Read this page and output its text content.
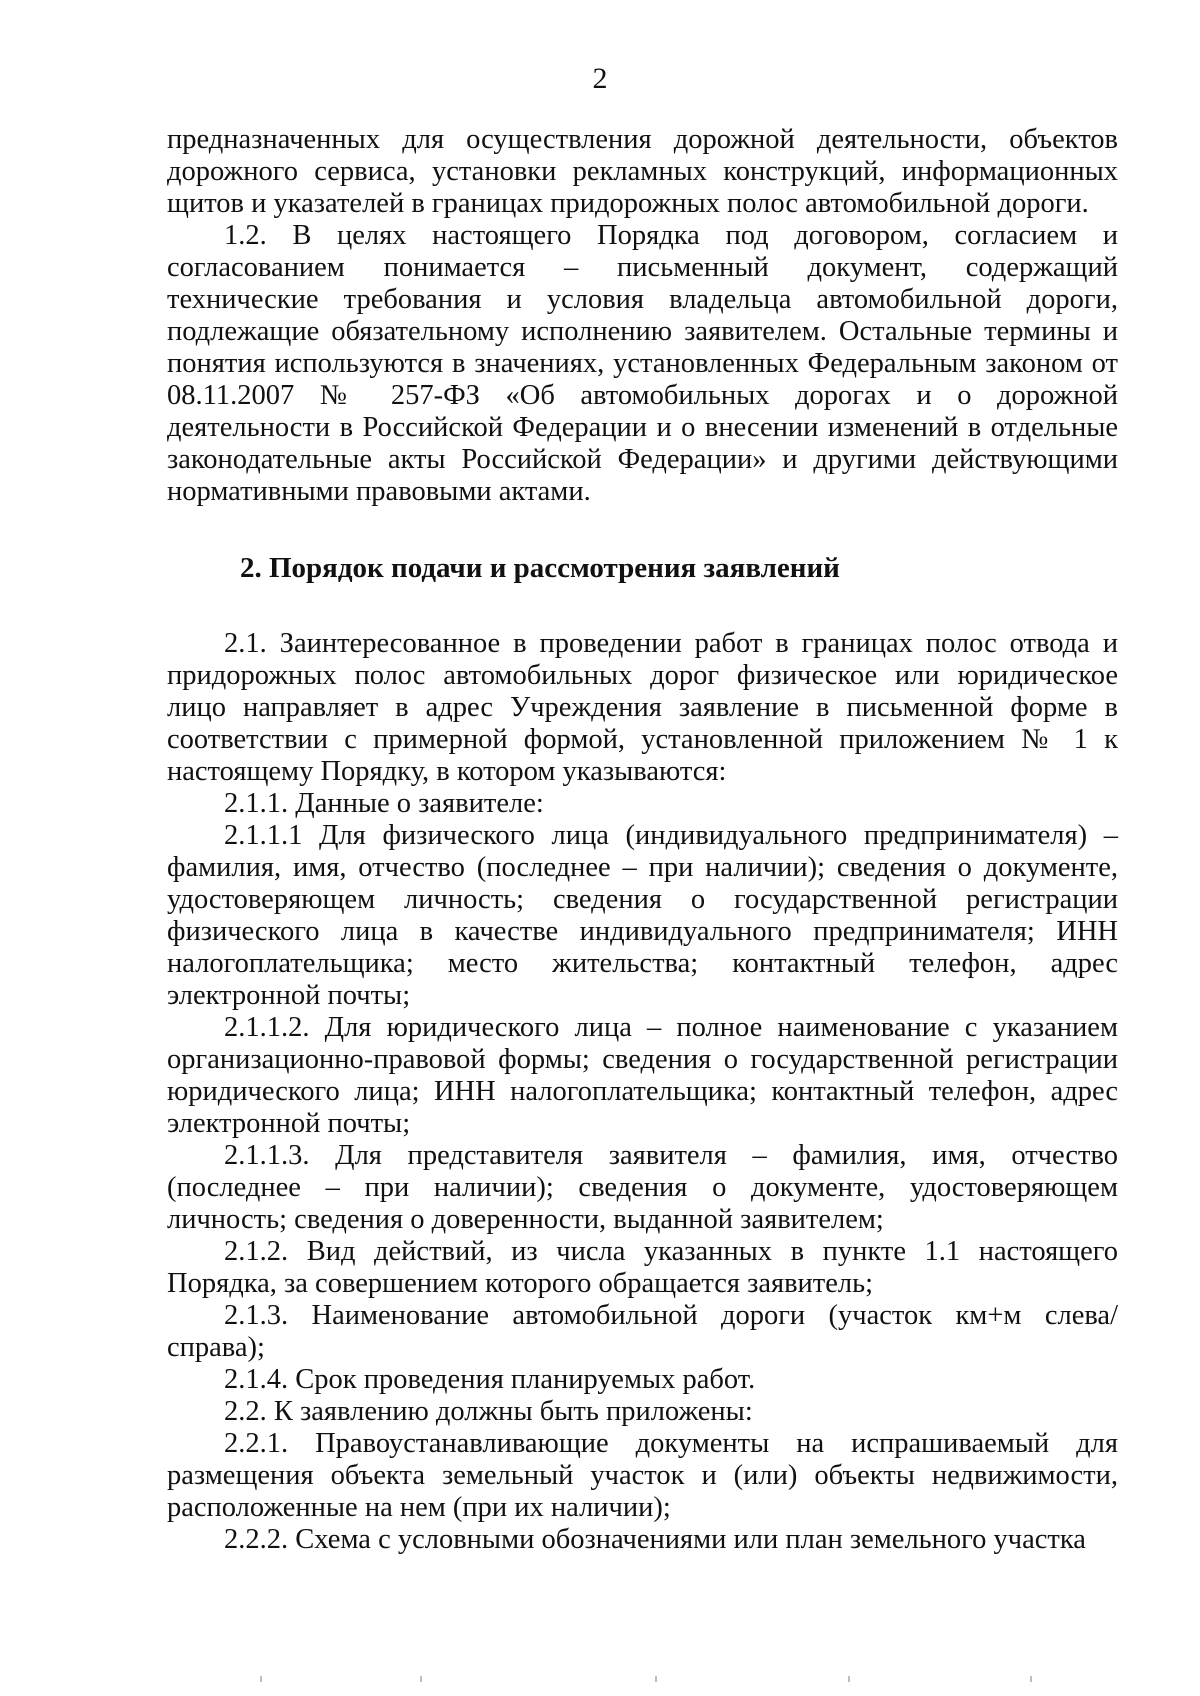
2

предназначенных для осуществления дорожной деятельности, объектов дорожного сервиса, установки рекламных конструкций, информационных щитов и указателей в границах придорожных полос автомобильной дороги.

1.2. В целях настоящего Порядка под договором, согласием и согласованием понимается – письменный документ, содержащий технические требования и условия владельца автомобильной дороги, подлежащие обязательному исполнению заявителем. Остальные термины и понятия используются в значениях, установленных Федеральным законом от 08.11.2007 № 257-ФЗ «Об автомобильных дорогах и о дорожной деятельности в Российской Федерации и о внесении изменений в отдельные законодательные акты Российской Федерации» и другими действующими нормативными правовыми актами.

2. Порядок подачи и рассмотрения заявлений

2.1. Заинтересованное в проведении работ в границах полос отвода и придорожных полос автомобильных дорог физическое или юридическое лицо направляет в адрес Учреждения заявление в письменной форме в соответствии с примерной формой, установленной приложением № 1 к настоящему Порядку, в котором указываются:

2.1.1. Данные о заявителе:

2.1.1.1 Для физического лица (индивидуального предпринимателя) – фамилия, имя, отчество (последнее – при наличии); сведения о документе, удостоверяющем личность; сведения о государственной регистрации физического лица в качестве индивидуального предпринимателя; ИНН налогоплательщика; место жительства; контактный телефон, адрес электронной почты;

2.1.1.2. Для юридического лица – полное наименование с указанием организационно-правовой формы; сведения о государственной регистрации юридического лица; ИНН налогоплательщика; контактный телефон, адрес электронной почты;

2.1.1.3. Для представителя заявителя – фамилия, имя, отчество (последнее – при наличии); сведения о документе, удостоверяющем личность; сведения о доверенности, выданной заявителем;

2.1.2. Вид действий, из числа указанных в пункте 1.1 настоящего Порядка, за совершением которого обращается заявитель;

2.1.3. Наименование автомобильной дороги (участок км+м слева/справа);

2.1.4. Срок проведения планируемых работ.

2.2. К заявлению должны быть приложены:

2.2.1. Правоустанавливающие документы на испрашиваемый для размещения объекта земельный участок и (или) объекты недвижимости, расположенные на нем (при их наличии);

2.2.2. Схема с условными обозначениями или план земельного участка
